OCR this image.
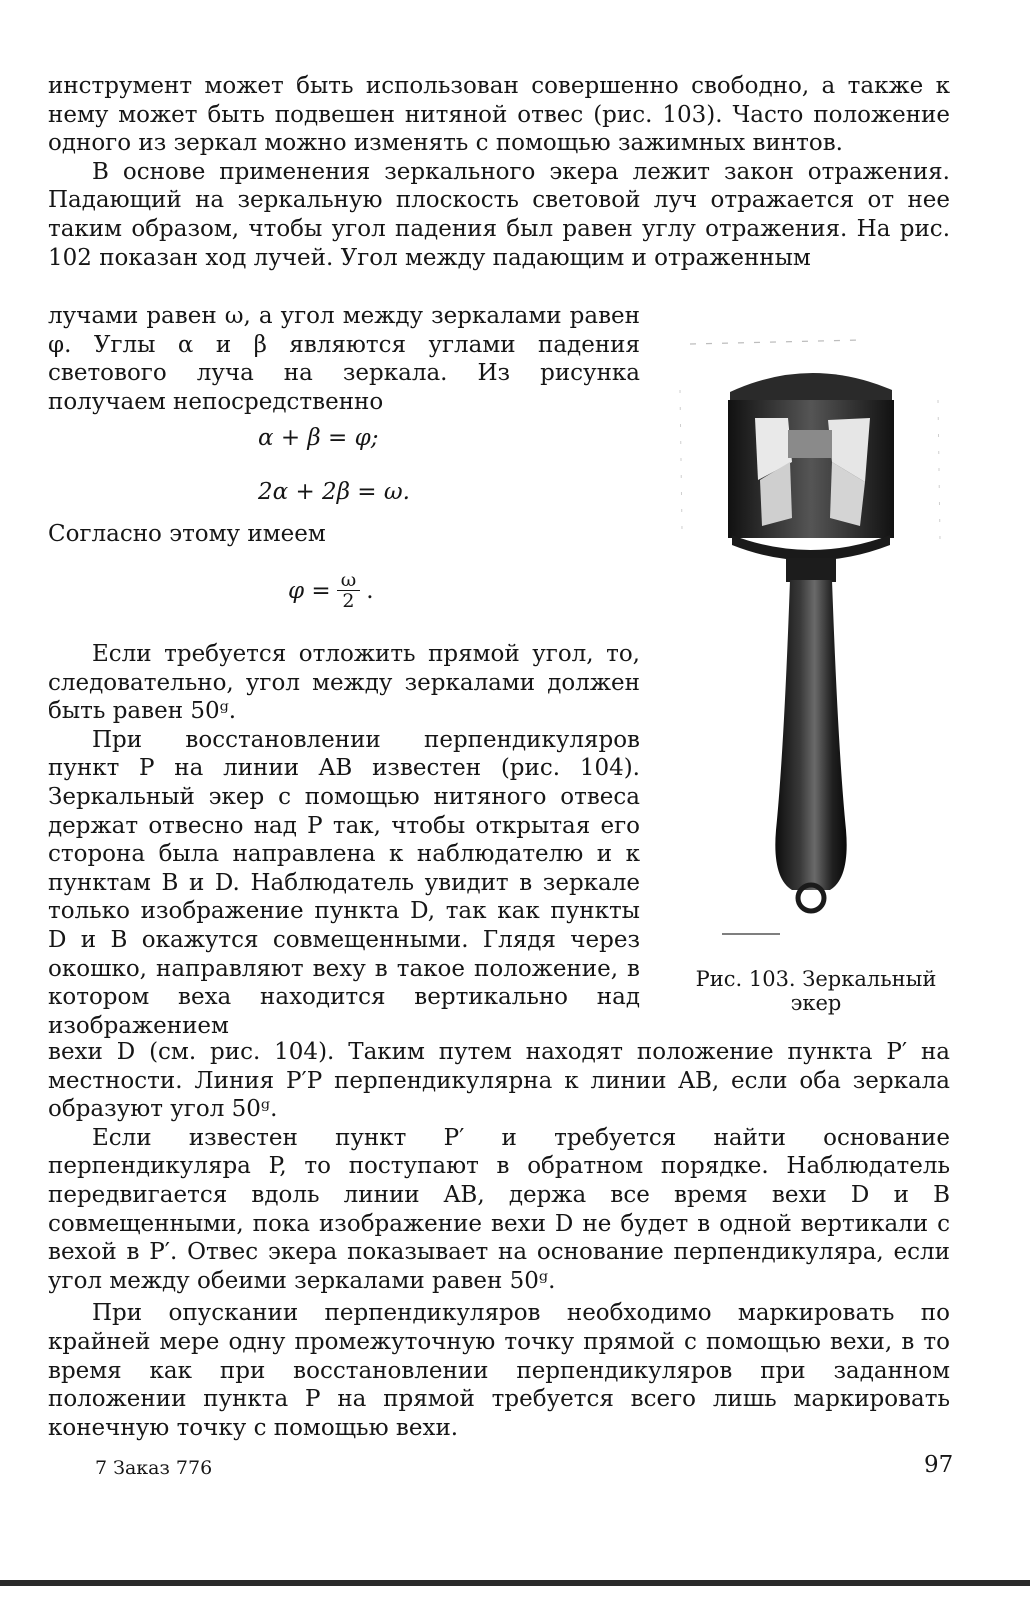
инструмент может быть использован совершенно свободно, а также к нему может быть подвешен нитяной отвес (рис. 103). Часто положение одного из зеркал можно изменять с помощью зажимных винтов.

В основе применения зеркального экера лежит закон отражения. Падающий на зеркальную плоскость световой луч отражается от нее таким образом, чтобы угол падения был равен углу отражения. На рис. 102 показан ход лучей. Угол между падающим и отраженным

лучами равен ω, а угол между зеркалами равен φ. Углы α и β являются углами падения светового луча на зеркала. Из рисунка получаем непосредственно

α + β = φ;

2α + 2β = ω.

Согласно этому имеем

$\varphi = \frac{\omega}{2}$ .

Если требуется отложить прямой угол, то, следовательно, угол между зеркалами должен быть равен 50ᵍ.

При восстановлении перпендикуляров пункт P на линии AB известен (рис. 104). Зеркальный экер с помощью нитяного отвеса держат отвесно над P так, чтобы открытая его сторона была направлена к наблюдателю и к пунктам B и D. Наблюдатель увидит в зеркале только изображение пункта D, так как пункты D и B окажутся совмещенными. Глядя через окошко, направляют веху в такое положение, в котором веха находится вертикально над изображением

вехи D (см. рис. 104). Таким путем находят положение пункта P′ на местности. Линия P′P перпендикулярна к линии AB, если оба зеркала образуют угол 50ᵍ.

Если известен пункт P′ и требуется найти основание перпендикуляра P, то поступают в обратном порядке. Наблюдатель передвигается вдоль линии AB, держа все время вехи D и B совмещенными, пока изображение вехи D не будет в одной вертикали с вехой в P′. Отвес экера показывает на основание перпендикуляра, если угол между обеими зеркалами равен 50ᵍ.

При опускании перпендикуляров необходимо маркировать по крайней мере одну промежуточную точку прямой с помощью вехи, в то время как при восстановлении перпендикуляров при заданном положении пункта P на прямой требуется всего лишь маркировать конечную точку с помощью вехи.

Рис. 103. Зеркальный экер
7 Заказ 776	97
